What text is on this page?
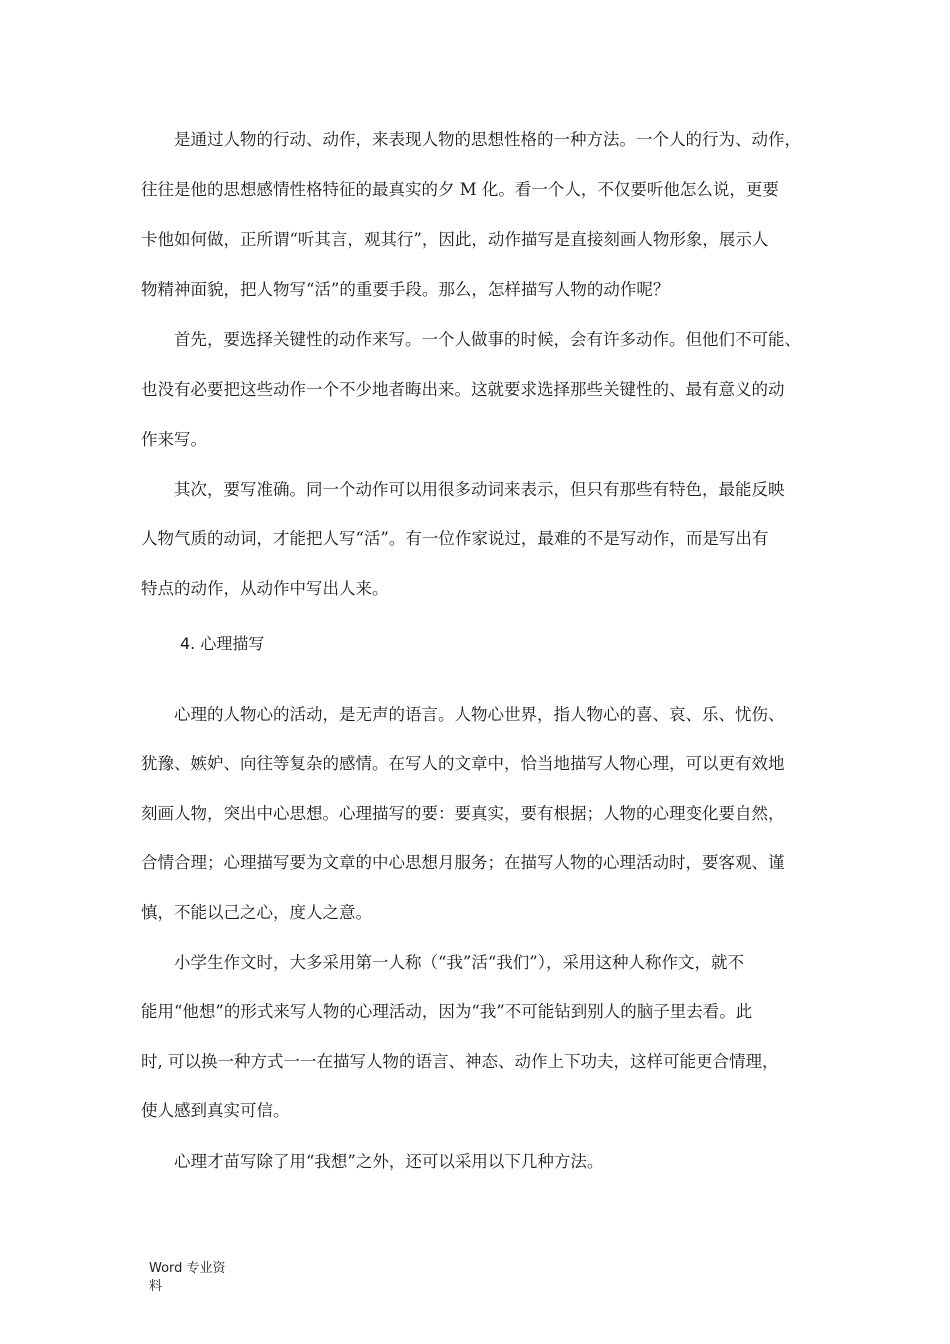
　　是通过人物的行动、动作，来表现人物的思想性格的一种方法。一个人的行为、动作，
往往是他的思想感情性格特征的最真实的夕 M 化。看一个人，不仅要听他怎么说，更要
卡他如何做，正所谓“听其言，观其行”，因此，动作描写是直接刻画人物形象，展示人
物精神面貌，把人物写“活”的重要手段。那么，怎样描写人物的动作呢？
　　首先，要选择关键性的动作来写。一个人做事的时候，会有许多动作。但他们不可能、
也没有必要把这些动作一个不少地者晦出来。这就要求选择那些关键性的、最有意义的动
作来写。
　　其次，要写准确。同一个动作可以用很多动词来表示，但只有那些有特色，最能反映
人物气质的动词，才能把人写“活”。有一位作家说过，最难的不是写动作，而是写出有
特点的动作，从动作中写出人来。
4. 心理描写
　　心理的人物心的活动，是无声的语言。人物心世界，指人物心的喜、哀、乐、忧伤、
犹豫、嫉妒、向往等复杂的感情。在写人的文章中，恰当地描写人物心理，可以更有效地
刻画人物，突出中心思想。心理描写的要：要真实，要有根据；人物的心理变化要自然，
合情合理；心理描写要为文章的中心思想月服务；在描写人物的心理活动时，要客观、谨
慎，不能以己之心，度人之意。
　　小学生作文时，大多采用第一人称（“我”活“我们”），采用这种人称作文，就不
能用“他想”的形式来写人物的心理活动，因为“我”不可能钻到别人的脑子里去看。此
时, 可以换一种方式一一在描写人物的语言、神态、动作上下功夫，这样可能更合情理，
使人感到真实可信。
　　心理才苗写除了用“我想”之外，还可以采用以下几种方法。
Word 专业资
料
